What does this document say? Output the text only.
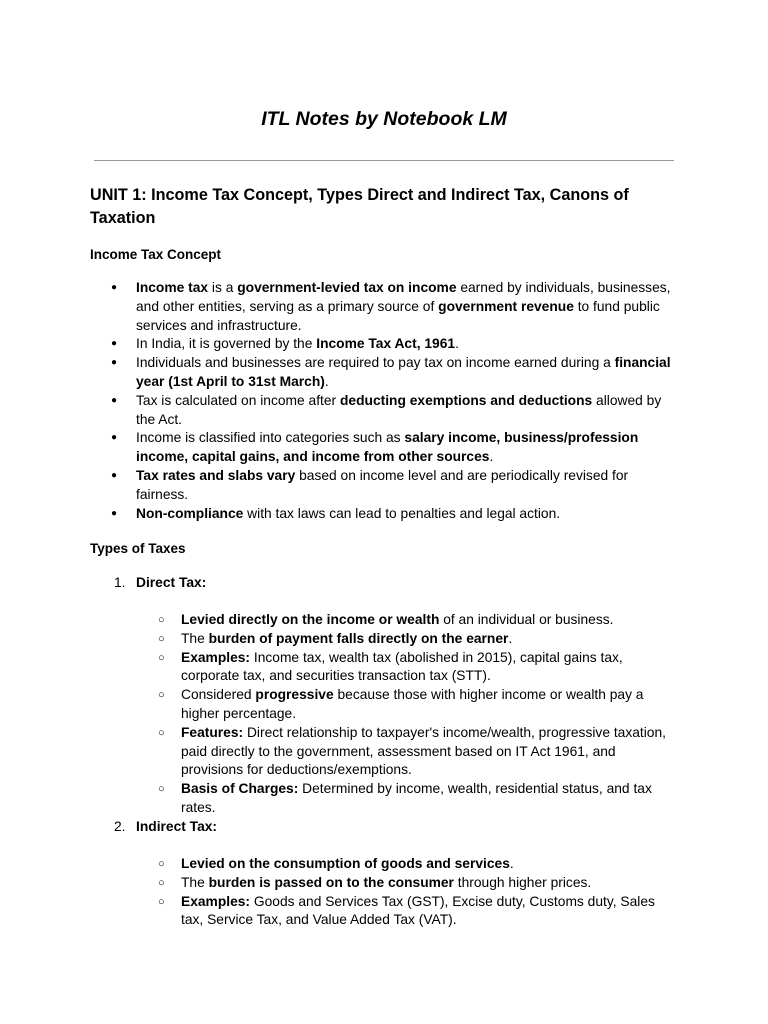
ITL Notes by Notebook LM
UNIT 1: Income Tax Concept, Types Direct and Indirect Tax, Canons of Taxation
Income Tax Concept
● Income tax is a government-levied tax on income earned by individuals, businesses, and other entities, serving as a primary source of government revenue to fund public services and infrastructure.
● In India, it is governed by the Income Tax Act, 1961.
● Individuals and businesses are required to pay tax on income earned during a financial year (1st April to 31st March).
● Tax is calculated on income after deducting exemptions and deductions allowed by the Act.
● Income is classified into categories such as salary income, business/profession income, capital gains, and income from other sources.
● Tax rates and slabs vary based on income level and are periodically revised for fairness.
● Non-compliance with tax laws can lead to penalties and legal action.
Types of Taxes
1. Direct Tax:
2. Indirect Tax:
○ Levied directly on the income or wealth of an individual or business.
○ The burden of payment falls directly on the earner.
○ Examples: Income tax, wealth tax (abolished in 2015), capital gains tax, corporate tax, and securities transaction tax (STT).
○ Considered progressive because those with higher income or wealth pay a higher percentage.
○ Features: Direct relationship to taxpayer's income/wealth, progressive taxation, paid directly to the government, assessment based on IT Act 1961, and provisions for deductions/exemptions.
○ Basis of Charges: Determined by income, wealth, residential status, and tax rates.
○ Levied on the consumption of goods and services.
○ The burden is passed on to the consumer through higher prices.
○ Examples: Goods and Services Tax (GST), Excise duty, Customs duty, Sales tax, Service Tax, and Value Added Tax (VAT).
